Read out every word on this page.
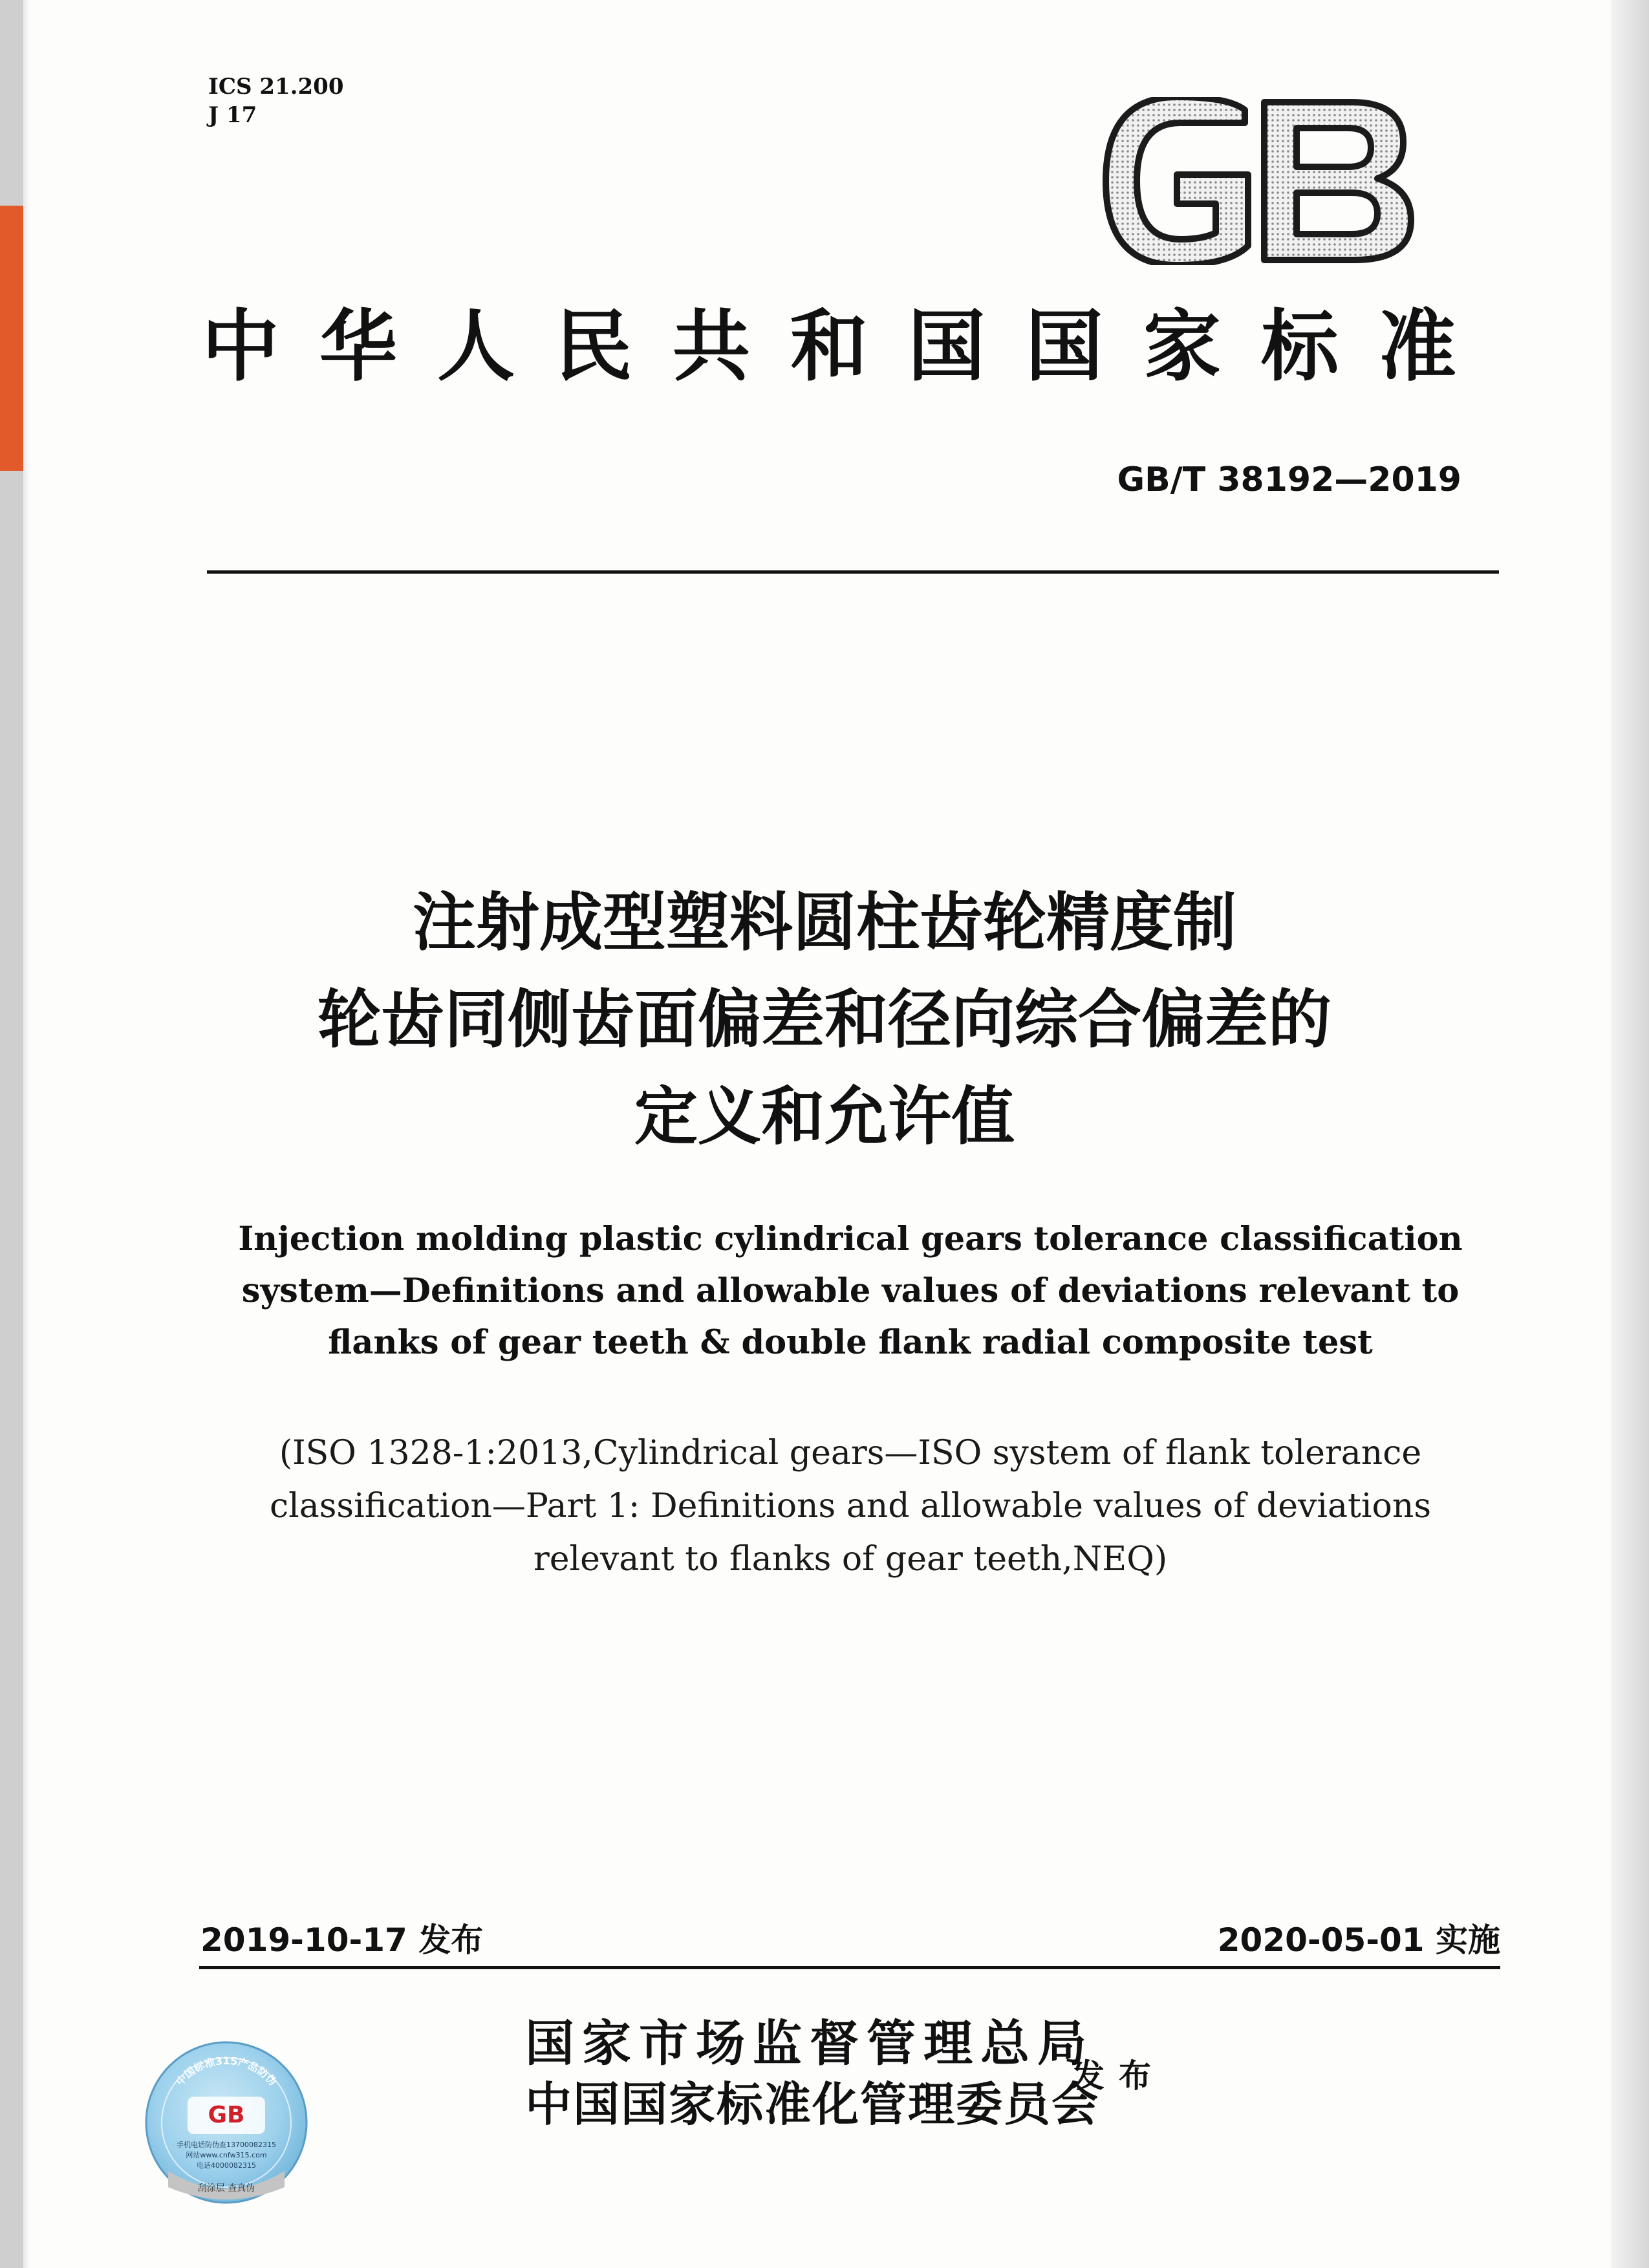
ICS 21.200
J 17
中华人民共和国国家标准
GB/T 38192—2019
注射成型塑料圆柱齿轮精度制
轮齿同侧齿面偏差和径向综合偏差的
定义和允许值
Injection molding plastic cylindrical gears tolerance classification
system—Definitions and allowable values of deviations relevant to
flanks of gear teeth & double flank radial composite test
(ISO 1328-1:2013,Cylindrical gears—ISO system of flank tolerance
classification—Part 1: Definitions and allowable values of deviations
relevant to flanks of gear teeth,NEQ)
2019-10-17 发布	2020-05-01 实施
国家市场监督管理总局
中国国家标准化管理委员会
发布
中国标准315产品防伪
GB
手机电话防伪查13700082315
网站www.cnfw315.com
电话4000082315
刮涂层 查真伪
